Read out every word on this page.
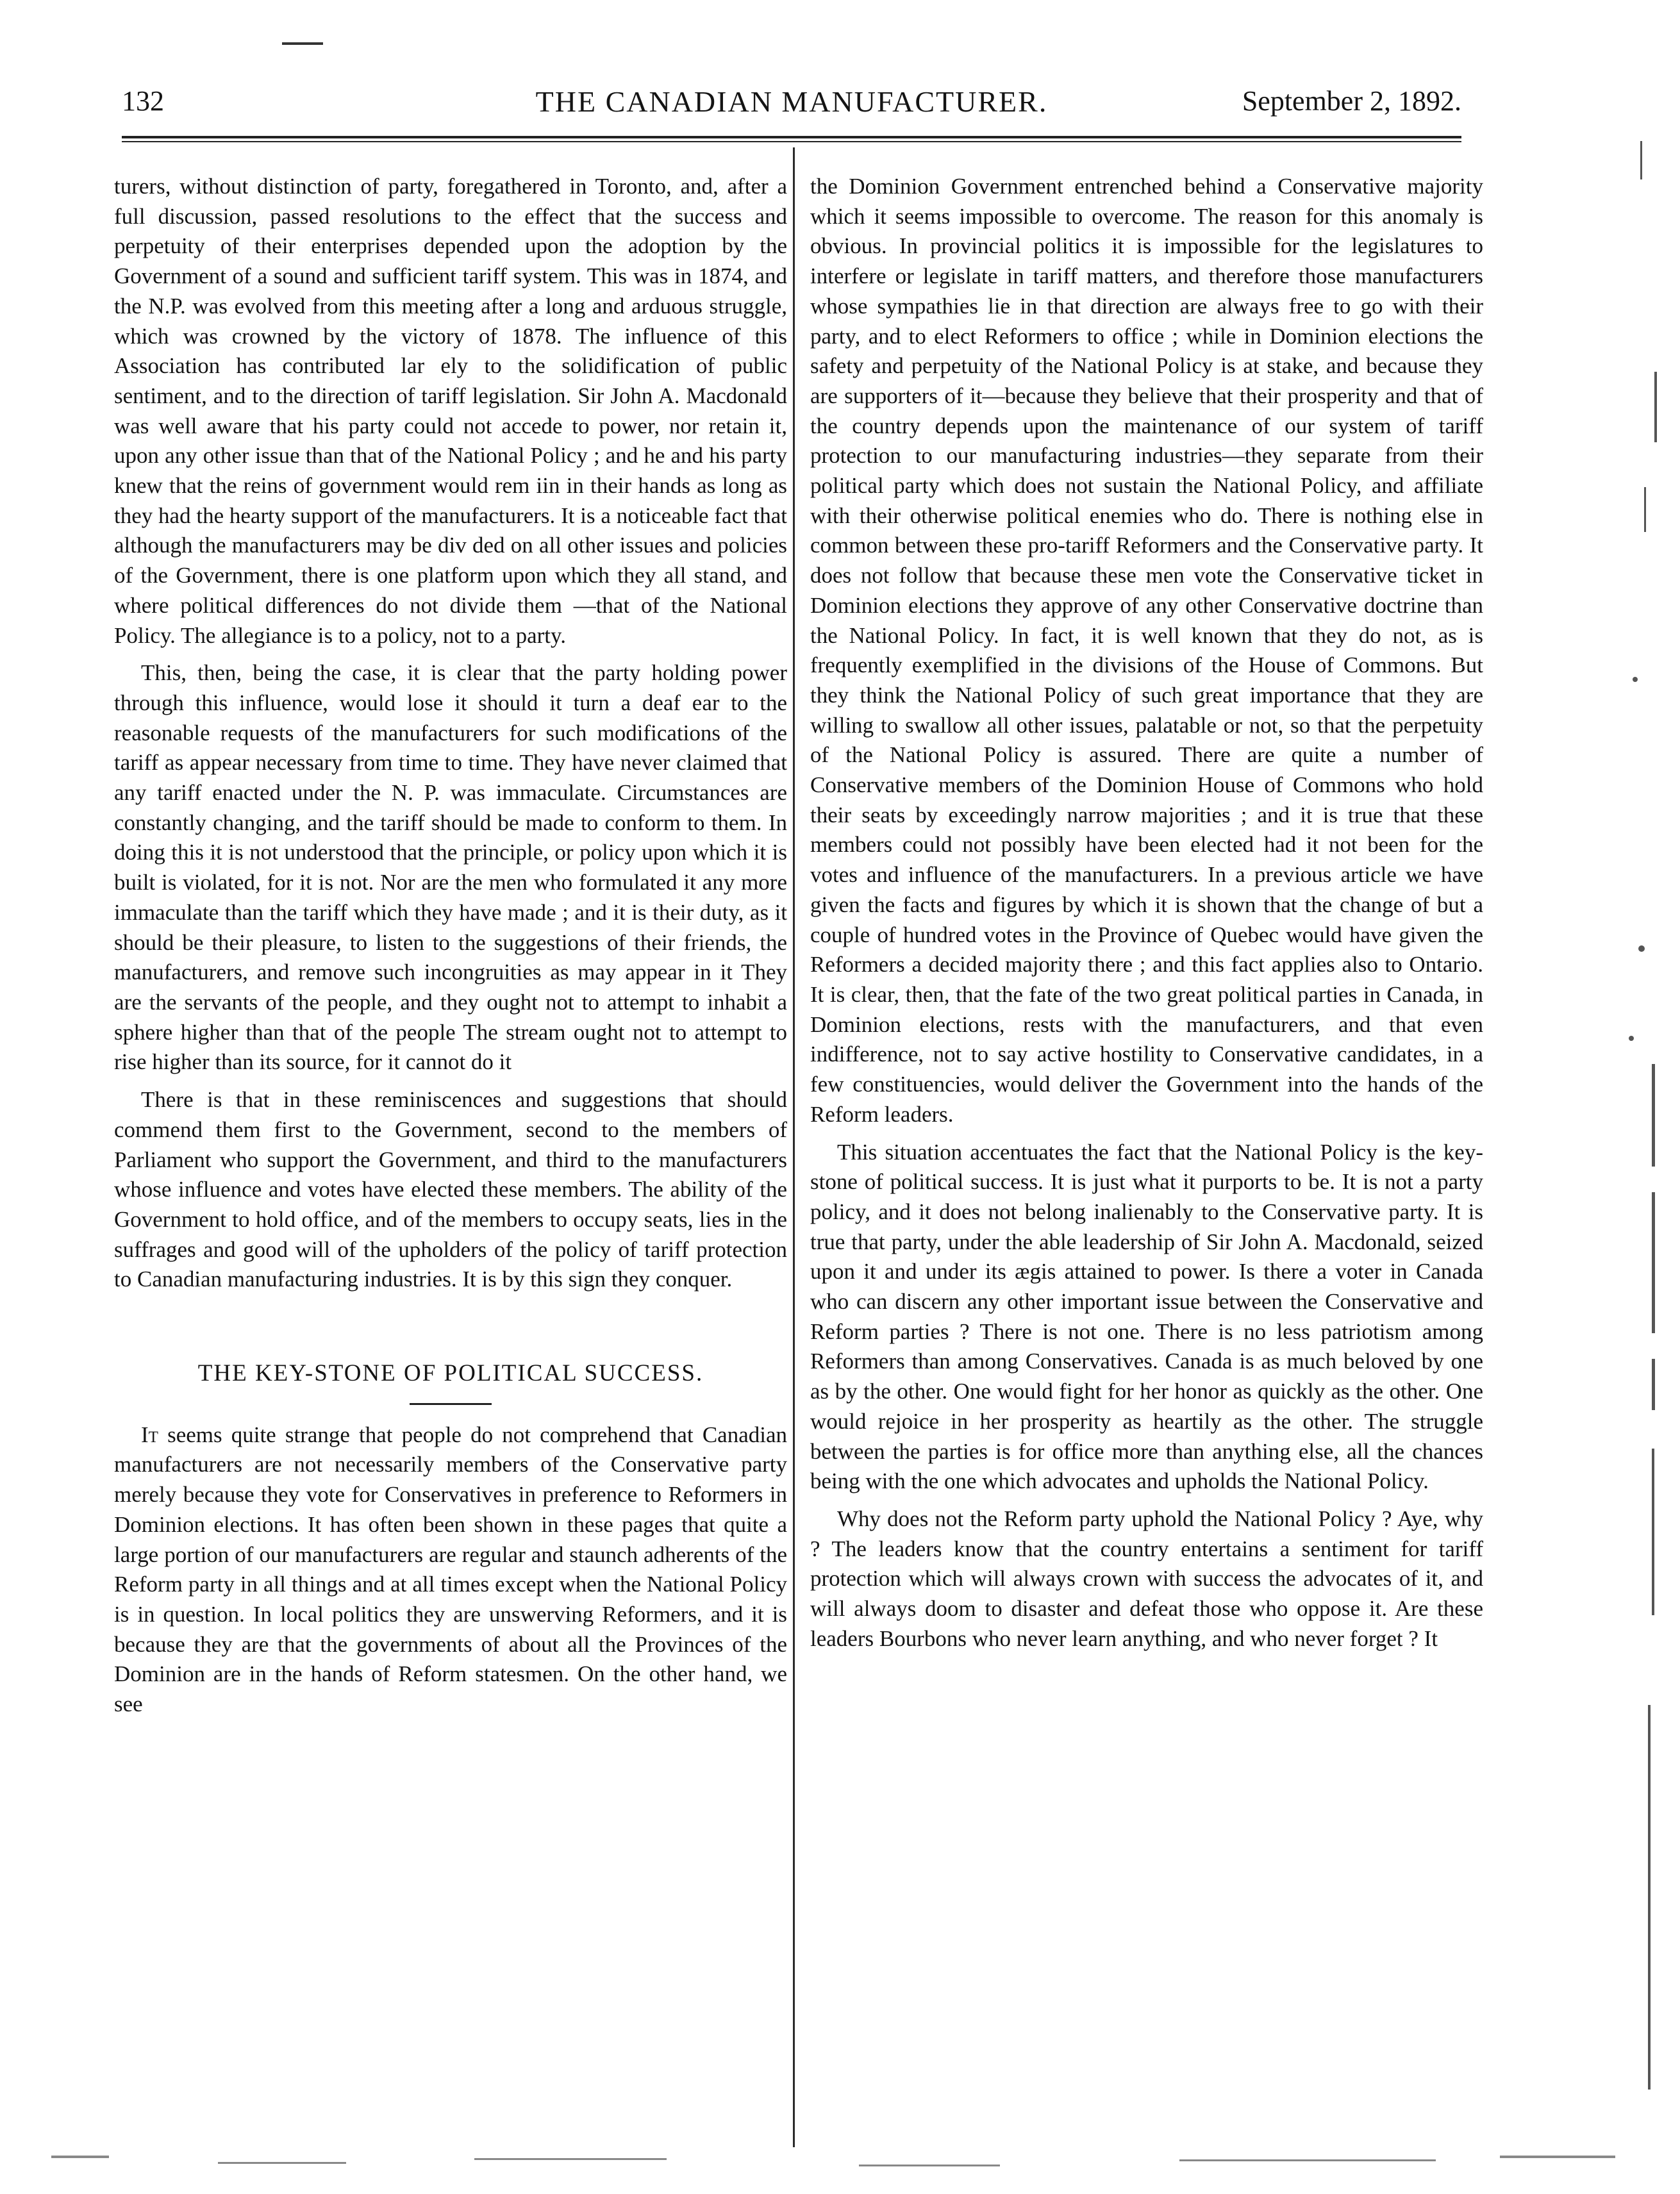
132	THE CANADIAN MANUFACTURER.	September 2, 1892.

turers, without distinction of party, foregathered in Toronto, and, after a full discussion, passed resolutions to the effect that the success and perpetuity of their enterprises depended upon the adoption by the Government of a sound and sufficient tariff system. This was in 1874, and the N.P. was evolved from this meeting after a long and arduous struggle, which was crowned by the victory of 1878. The influence of this Association has contributed lar ely to the solidification of public sentiment, and to the direction of tariff legislation. Sir John A. Macdonald was well aware that his party could not accede to power, nor retain it, upon any other issue than that of the National Policy ; and he and his party knew that the reins of government would rem iin in their hands as long as they had the hearty support of the manufacturers. It is a noticeable fact that although the manufacturers may be div ded on all other issues and policies of the Government, there is one platform upon which they all stand, and where political differences do not divide them —that of the National Policy. The allegiance is to a policy, not to a party.

This, then, being the case, it is clear that the party holding power through this influence, would lose it should it turn a deaf ear to the reasonable requests of the manufacturers for such modifications of the tariff as appear necessary from time to time. They have never claimed that any tariff enacted under the N. P. was immaculate. Circumstances are constantly changing, and the tariff should be made to conform to them. In doing this it is not understood that the principle, or policy upon which it is built is violated, for it is not. Nor are the men who formulated it any more immaculate than the tariff which they have made ; and it is their duty, as it should be their pleasure, to listen to the suggestions of their friends, the manufacturers, and remove such incongruities as may appear in it They are the servants of the people, and they ought not to attempt to inhabit a sphere higher than that of the people The stream ought not to attempt to rise higher than its source, for it cannot do it

There is that in these reminiscences and suggestions that should commend them first to the Government, second to the members of Parliament who support the Government, and third to the manufacturers whose influence and votes have elected these members. The ability of the Government to hold office, and of the members to occupy seats, lies in the suffrages and good will of the upholders of the policy of tariff protection to Canadian manufacturing industries. It is by this sign they conquer.

THE KEY-STONE OF POLITICAL SUCCESS.

It seems quite strange that people do not comprehend that Canadian manufacturers are not necessarily members of the Conservative party merely because they vote for Conservatives in preference to Reformers in Dominion elections. It has often been shown in these pages that quite a large portion of our manufacturers are regular and staunch adherents of the Reform party in all things and at all times except when the National Policy is in question. In local politics they are unswerving Reformers, and it is because they are that the governments of about all the Provinces of the Dominion are in the hands of Reform statesmen. On the other hand, we see

the Dominion Government entrenched behind a Conservative majority which it seems impossible to overcome. The reason for this anomaly is obvious. In provincial politics it is impossible for the legislatures to interfere or legislate in tariff matters, and therefore those manufacturers whose sympathies lie in that direction are always free to go with their party, and to elect Reformers to office ; while in Dominion elections the safety and perpetuity of the National Policy is at stake, and because they are supporters of it—because they believe that their prosperity and that of the country depends upon the maintenance of our system of tariff protection to our manufacturing industries—they separate from their political party which does not sustain the National Policy, and affiliate with their otherwise political enemies who do. There is nothing else in common between these pro-tariff Reformers and the Conservative party. It does not follow that because these men vote the Conservative ticket in Dominion elections they approve of any other Conservative doctrine than the National Policy. In fact, it is well known that they do not, as is frequently exemplified in the divisions of the House of Commons. But they think the National Policy of such great importance that they are willing to swallow all other issues, palatable or not, so that the perpetuity of the National Policy is assured. There are quite a number of Conservative members of the Dominion House of Commons who hold their seats by exceedingly narrow majorities ; and it is true that these members could not possibly have been elected had it not been for the votes and influence of the manufacturers. In a previous article we have given the facts and figures by which it is shown that the change of but a couple of hundred votes in the Province of Quebec would have given the Reformers a decided majority there ; and this fact applies also to Ontario. It is clear, then, that the fate of the two great political parties in Canada, in Dominion elections, rests with the manufacturers, and that even indifference, not to say active hostility to Conservative candidates, in a few constituencies, would deliver the Government into the hands of the Reform leaders.

This situation accentuates the fact that the National Policy is the key-stone of political success. It is just what it purports to be. It is not a party policy, and it does not belong inalienably to the Conservative party. It is true that party, under the able leadership of Sir John A. Macdonald, seized upon it and under its ægis attained to power. Is there a voter in Canada who can discern any other important issue between the Conservative and Reform parties ? There is not one. There is no less patriotism among Reformers than among Conservatives. Canada is as much beloved by one as by the other. One would fight for her honor as quickly as the other. One would rejoice in her prosperity as heartily as the other. The struggle between the parties is for office more than anything else, all the chances being with the one which advocates and upholds the National Policy.

Why does not the Reform party uphold the National Policy ? Aye, why ? The leaders know that the country entertains a sentiment for tariff protection which will always crown with success the advocates of it, and will always doom to disaster and defeat those who oppose it. Are these leaders Bourbons who never learn anything, and who never forget ? It
